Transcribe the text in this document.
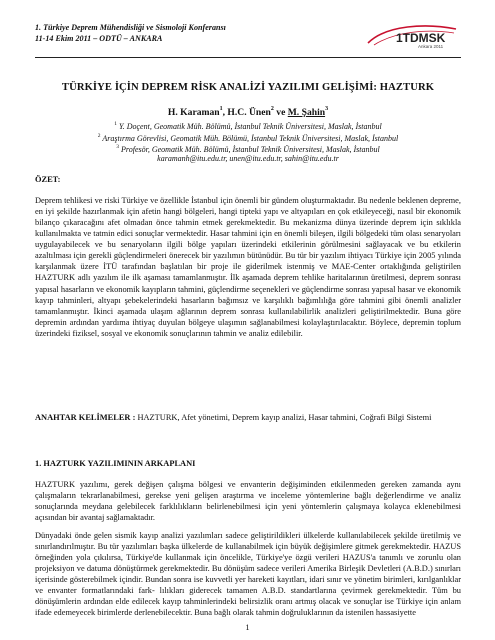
1. Türkiye Deprem Mühendisliği ve Sismoloji Konferansı
11-14 Ekim 2011 – ODTÜ – ANKARA	1TDMSK
Ankara 2011
TÜRKİYE İÇİN DEPREM RİSK ANALİZİ YAZILIMI GELİŞİMİ: HAZTURK
H. Karaman$^1$, H.C. Ünen$^2$ ve M. Şahin$^3$
$^1$ Y. Doçent, Geomatik Müh. Bölümü, İstanbul Teknik Üniversitesi, Maslak, İstanbul
$^2$ Araştırma Görevlisi, Geomatik Müh. Bölümü, İstanbul Teknik Üniversitesi, Maslak, İstanbul
$^3$ Profesör, Geomatik Müh. Bölümü, İstanbul Teknik Üniversitesi, Maslak, İstanbul
karamanh@itu.edu.tr, unen@itu.edu.tr, sahin@itu.edu.tr
ÖZET:

Deprem tehlikesi ve riski Türkiye ve özellikle İstanbul için önemli bir gündem oluşturmaktadır. Bu nedenle beklenen depreme, en iyi şekilde hazırlanmak için afetin hangi bölgeleri, hangi tipteki yapı ve altyapıları en çok etkileyeceği, nasıl bir ekonomik bilanço çıkaracağını afet olmadan önce tahmin etmek gerekmektedir. Bu mekanizma dünya üzerinde deprem için sıklıkla kullanılmakta ve tatmin edici sonuçlar vermektedir. Hasar tahmini için en önemli bileşen, ilgili bölgedeki tüm olası senaryoları uygulayabilecek ve bu senaryoların ilgili bölge yapıları üzerindeki etkilerinin görülmesini sağlayacak ve bu etkilerin azaltılması için gerekli güçlendirmeleri önerecek bir yazılımın bütünüdür. Bu tür bir yazılım ihtiyacı Türkiye için 2005 yılında karşılanmak üzere İTÜ tarafından başlatılan bir proje ile giderilmek istenmiş ve MAE-Center ortaklığında geliştirilen HAZTURK adlı yazılım ile ilk aşaması tamamlanmıştır. İlk aşamada deprem tehlike haritalarının üretilmesi, deprem sonrası yapısal hasarların ve ekonomik kayıpların tahmini, güçlendirme seçenekleri ve güçlendirme sonrası yapısal hasar ve ekonomik kayıp tahminleri, altyapı şebekelerindeki hasarların bağımsız ve karşılıklı bağımlılığa göre tahmini gibi önemli analizler tamamlanmıştır. İkinci aşamada ulaşım ağlarının deprem sonrası kullanılabilirlik analizleri geliştirilmektedir. Buna göre depremin ardından yardıma ihtiyaç duyulan bölgeye ulaşımın sağlanabilmesi kolaylaştırılacaktır. Böylece, depremin toplum üzerindeki fiziksel, sosyal ve ekonomik sonuçlarının tahmin ve analiz edilebilir.

ANAHTAR KELİMELER : HAZTURK, Afet yönetimi, Deprem kayıp analizi, Hasar tahmini, Coğrafi Bilgi Sistemi

1. HAZTURK YAZILIMININ ARKAPLANI

HAZTURK yazılımı, gerek değişen çalışma bölgesi ve envanterin değişiminden etkilenmeden gereken zamanda aynı çalışmaların tekrarlanabilmesi, gerekse yeni gelişen araştırma ve inceleme yöntemlerine bağlı değerlendirme ve analiz sonuçlarında meydana gelebilecek farklılıkların belirlenebilmesi için yeni yöntemlerin çalışmaya kolayca eklenebilmesi açısından bir avantaj sağlamaktadır.

Dünyadaki önde gelen sismik kayıp analizi yazılımları sadece geliştirildikleri ülkelerde kullanılabilecek şekilde üretilmiş ve sınırlandırılmıştır. Bu tür yazılımları başka ülkelerde de kullanabilmek için büyük değişimlere gitmek gerekmektedir. HAZUS örneğinden yola çıkılırsa, Türkiye'de kullanmak için öncelikle, Türkiye'ye özgü verileri HAZUS'a tanımlı ve zorunlu olan projeksiyon ve datuma dönüştürmek gerekmektedir. Bu dönüşüm sadece verileri Amerika Birleşik Devletleri (A.B.D.) sınırları içerisinde gösterebilmek içindir. Bundan sonra ise kuvvetli yer hareketi kayıtları, idari sınır ve yönetim birimleri, kırılganlıklar ve envanter formatlarındaki fark- lılıkları giderecek tamamen A.B.D. standartlarına çevirmek gerekmektedir. Tüm bu dönüşümlerin ardından elde edilecek kayıp tahminlerindeki belirsizlik oranı artmış olacak ve sonuçlar ise Türkiye için anlam ifade edemeyecek birimlerde derlenebilecektir. Buna bağlı olarak tahmin doğruluklarının da istenilen hassasiyette

1
